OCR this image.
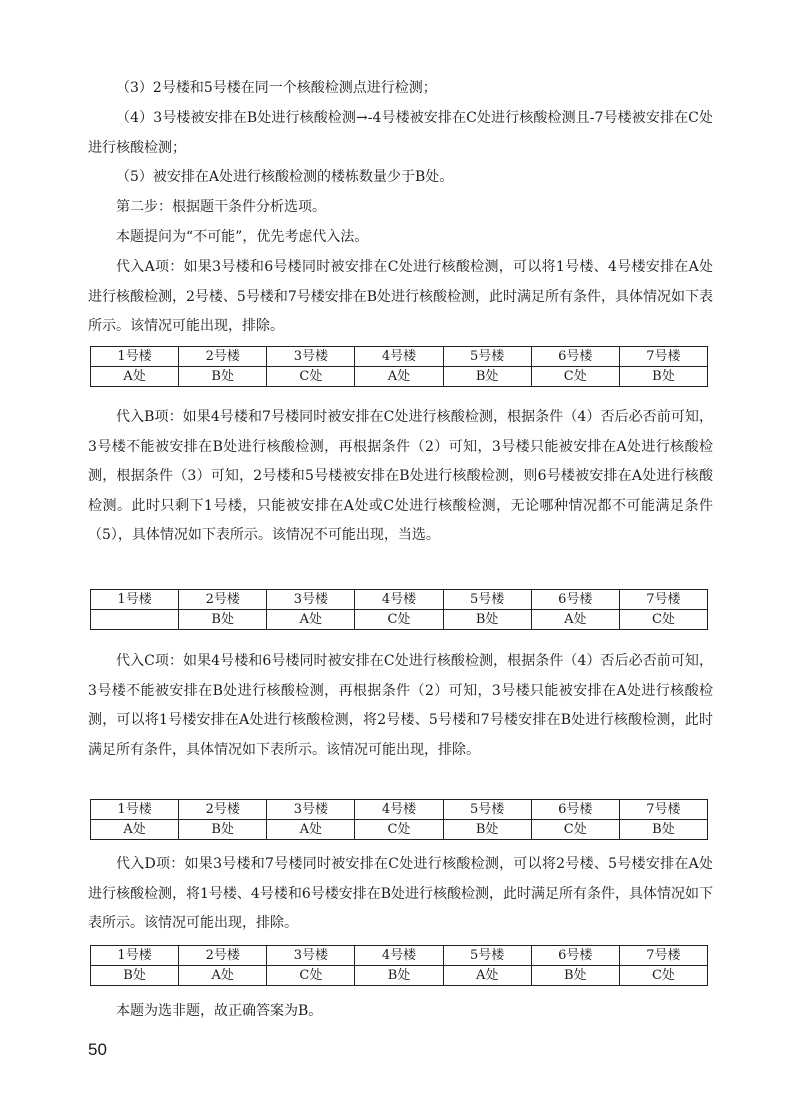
（3）2号楼和5号楼在同一个核酸检测点进行检测；

（4）3号楼被安排在B处进行核酸检测→-4号楼被安排在C处进行核酸检测且-7号楼被安排在C处进行核酸检测；

（5）被安排在A处进行核酸检测的楼栋数量少于B处。

第二步：根据题干条件分析选项。

本题提问为“不可能”，优先考虑代入法。

代入A项：如果3号楼和6号楼同时被安排在C处进行核酸检测，可以将1号楼、4号楼安排在A处进行核酸检测，2号楼、5号楼和7号楼安排在B处进行核酸检测，此时满足所有条件，具体情况如下表所示。该情况可能出现，排除。

1号楼	2号楼	3号楼	4号楼	5号楼	6号楼	7号楼
A处	B处	C处	A处	B处	C处	B处

代入B项：如果4号楼和7号楼同时被安排在C处进行核酸检测，根据条件（4）否后必否前可知，3号楼不能被安排在B处进行核酸检测，再根据条件（2）可知，3号楼只能被安排在A处进行核酸检测，根据条件（3）可知，2号楼和5号楼被安排在B处进行核酸检测，则6号楼被安排在A处进行核酸检测。此时只剩下1号楼，只能被安排在A处或C处进行核酸检测，无论哪种情况都不可能满足条件（5），具体情况如下表所示。该情况不可能出现，当选。

1号楼	2号楼	3号楼	4号楼	5号楼	6号楼	7号楼
	B处	A处	C处	B处	A处	C处

代入C项：如果4号楼和6号楼同时被安排在C处进行核酸检测，根据条件（4）否后必否前可知，3号楼不能被安排在B处进行核酸检测，再根据条件（2）可知，3号楼只能被安排在A处进行核酸检测，可以将1号楼安排在A处进行核酸检测，将2号楼、5号楼和7号楼安排在B处进行核酸检测，此时满足所有条件，具体情况如下表所示。该情况可能出现，排除。

1号楼	2号楼	3号楼	4号楼	5号楼	6号楼	7号楼
A处	B处	A处	C处	B处	C处	B处

代入D项：如果3号楼和7号楼同时被安排在C处进行核酸检测，可以将2号楼、5号楼安排在A处进行核酸检测，将1号楼、4号楼和6号楼安排在B处进行核酸检测，此时满足所有条件，具体情况如下表所示。该情况可能出现，排除。

1号楼	2号楼	3号楼	4号楼	5号楼	6号楼	7号楼
B处	A处	C处	B处	A处	B处	C处

本题为选非题，故正确答案为B。

50
